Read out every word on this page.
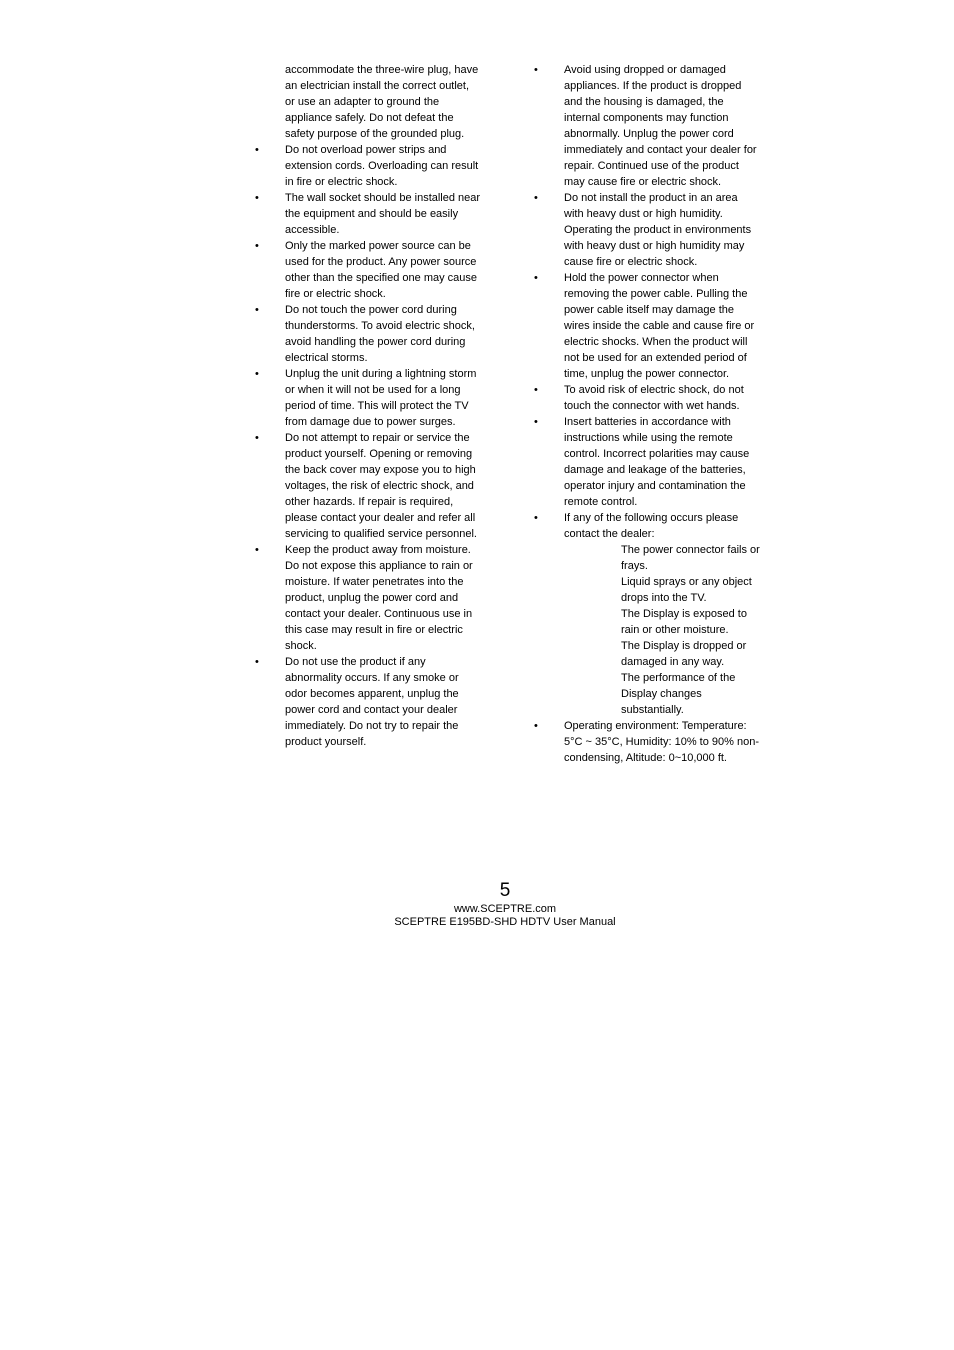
accommodate the three-wire plug, have an electrician install the correct outlet, or use an adapter to ground the appliance safely. Do not defeat the safety purpose of the grounded plug.

• Do not overload power strips and extension cords. Overloading can result in fire or electric shock.

• The wall socket should be installed near the equipment and should be easily accessible.

• Only the marked power source can be used for the product. Any power source other than the specified one may cause fire or electric shock.

• Do not touch the power cord during thunderstorms. To avoid electric shock, avoid handling the power cord during electrical storms.

• Unplug the unit during a lightning storm or when it will not be used for a long period of time. This will protect the TV from damage due to power surges.

• Do not attempt to repair or service the product yourself. Opening or removing the back cover may expose you to high voltages, the risk of electric shock, and other hazards. If repair is required, please contact your dealer and refer all servicing to qualified service personnel.

• Keep the product away from moisture. Do not expose this appliance to rain or moisture. If water penetrates into the product, unplug the power cord and contact your dealer. Continuous use in this case may result in fire or electric shock.

• Do not use the product if any abnormality occurs. If any smoke or odor becomes apparent, unplug the power cord and contact your dealer immediately. Do not try to repair the product yourself.

• Avoid using dropped or damaged appliances. If the product is dropped and the housing is damaged, the internal components may function abnormally. Unplug the power cord immediately and contact your dealer for repair. Continued use of the product may cause fire or electric shock.

• Do not install the product in an area with heavy dust or high humidity. Operating the product in environments with heavy dust or high humidity may cause fire or electric shock.

• Hold the power connector when removing the power cable. Pulling the power cable itself may damage the wires inside the cable and cause fire or electric shocks. When the product will not be used for an extended period of time, unplug the power connector.

• To avoid risk of electric shock, do not touch the connector with wet hands.

• Insert batteries in accordance with instructions while using the remote control. Incorrect polarities may cause damage and leakage of the batteries, operator injury and contamination the remote control.

• If any of the following occurs please contact the dealer:

The power connector fails or frays.

Liquid sprays or any object drops into the TV.

The Display is exposed to rain or other moisture.

The Display is dropped or damaged in any way.

The performance of the Display changes substantially.

• Operating environment: Temperature: 5°C ~ 35°C, Humidity: 10% to 90% non-condensing, Altitude: 0~10,000 ft.

5
www.SCEPTRE.com
SCEPTRE E195BD-SHD HDTV User Manual
